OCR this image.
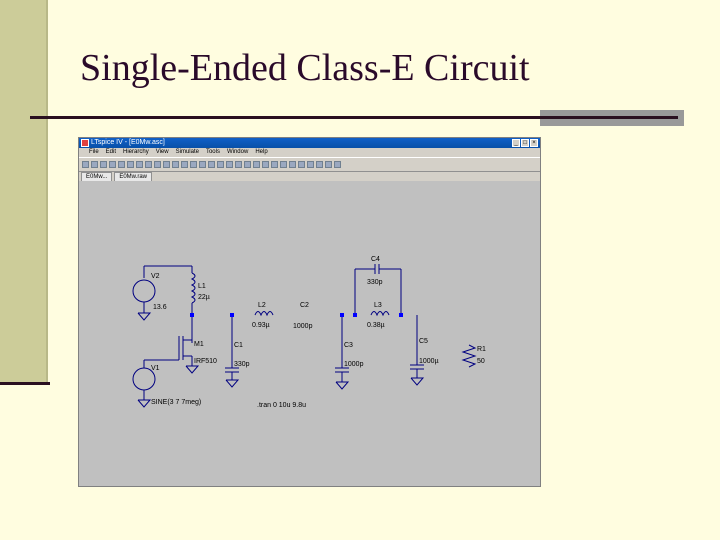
Single-Ended Class-E Circuit
LTspice IV - [E0Mw.asc]	_ □ ×
File Edit Hierarchy View Simulate Tools Window Help
E0Mw...	E0Mw.raw
V2
13.6
L1
22µ
L2
0.93µ
C2
1000p
C4
330p
L3
0.38µ
M1
IRF510
C1
330p
C3
1000p
C5
1000µ
R1
50
V1
SINE(3 7 7meg)	.tran 0 10u 9.8u
